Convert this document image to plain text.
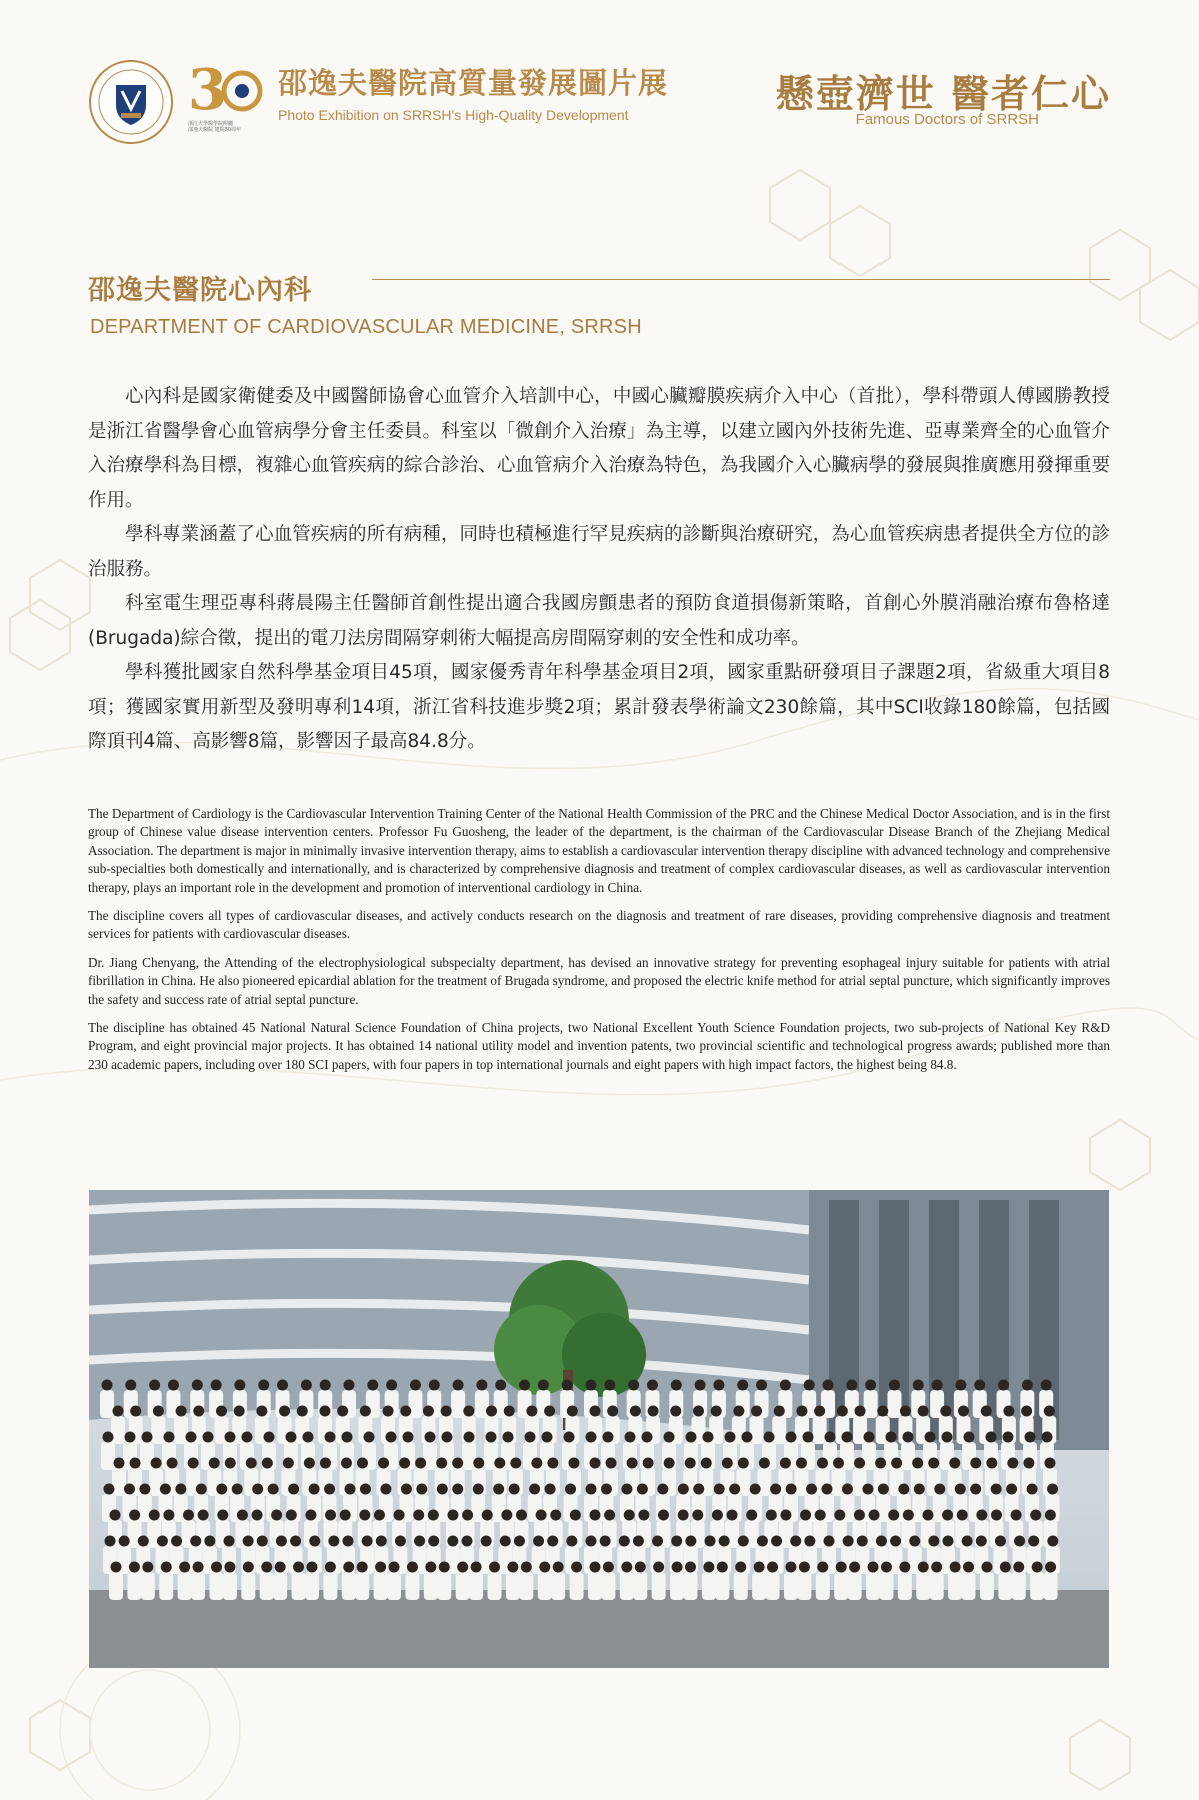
3
浙江大學醫學院附屬
邵逸夫醫院 建院30周年
邵逸夫醫院高質量發展圖片展
Photo Exhibition on SRRSH's High-Quality Development	懸壺濟世 醫者仁心
Famous Doctors of SRRSH
邵逸夫醫院心內科
DEPARTMENT OF CARDIOVASCULAR MEDICINE, SRRSH

心內科是國家衛健委及中國醫師協會心血管介入培訓中心，中國心臟瓣膜疾病介入中心（首批），學科帶頭人傅國勝教授是浙江省醫學會心血管病學分會主任委員。科室以「微創介入治療」為主導，以建立國內外技術先進、亞專業齊全的心血管介入治療學科為目標，複雜心血管疾病的綜合診治、心血管病介入治療為特色，為我國介入心臟病學的發展與推廣應用發揮重要作用。

學科專業涵蓋了心血管疾病的所有病種，同時也積極進行罕見疾病的診斷與治療研究，為心血管疾病患者提供全方位的診治服務。

科室電生理亞專科蔣晨陽主任醫師首創性提出適合我國房顫患者的預防食道損傷新策略，首創心外膜消融治療布魯格達(Brugada)綜合徵，提出的電刀法房間隔穿刺術大幅提高房間隔穿刺的安全性和成功率。

學科獲批國家自然科學基金項目45項，國家優秀青年科學基金項目2項，國家重點研發項目子課題2項，省級重大項目8項；獲國家實用新型及發明專利14項，浙江省科技進步獎2項；累計發表學術論文230餘篇，其中SCI收錄180餘篇，包括國際頂刊4篇、高影響8篇，影響因子最高84.8分。

The Department of Cardiology is the Cardiovascular Intervention Training Center of the National Health Commission of the PRC and the Chinese Medical Doctor Association, and is in the first group of Chinese value disease intervention centers. Professor Fu Guosheng, the leader of the department, is the chairman of the Cardiovascular Disease Branch of the Zhejiang Medical Association. The department is major in minimally invasive intervention therapy, aims to establish a cardiovascular intervention therapy discipline with advanced technology and comprehensive sub-specialties both domestically and internationally, and is characterized by comprehensive diagnosis and treatment of complex cardiovascular diseases, as well as cardiovascular intervention therapy, plays an important role in the development and promotion of interventional cardiology in China.

The discipline covers all types of cardiovascular diseases, and actively conducts research on the diagnosis and treatment of rare diseases, providing comprehensive diagnosis and treatment services for patients with cardiovascular diseases.

Dr. Jiang Chenyang, the Attending of the electrophysiological subspecialty department, has devised an innovative strategy for preventing esophageal injury suitable for patients with atrial fibrillation in China. He also pioneered epicardial ablation for the treatment of Brugada syndrome, and proposed the electric knife method for atrial septal puncture, which significantly improves the safety and success rate of atrial septal puncture.

The discipline has obtained 45 National Natural Science Foundation of China projects, two National Excellent Youth Science Foundation projects, two sub-projects of National Key R&D Program, and eight provincial major projects. It has obtained 14 national utility model and invention patents, two provincial scientific and technological progress awards; published more than 230 academic papers, including over 180 SCI papers, with four papers in top international journals and eight papers with high impact factors, the highest being 84.8.
